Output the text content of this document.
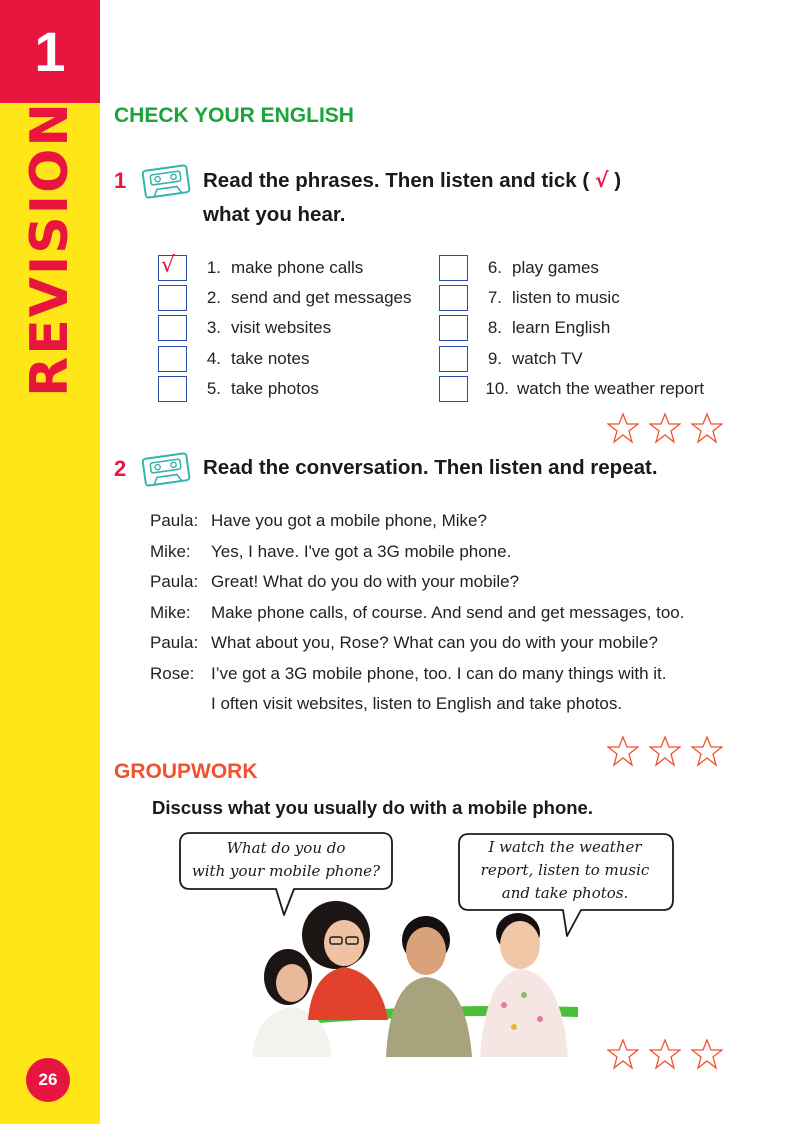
1
REVISION
26
CHECK YOUR ENGLISH
1	Read the phrases. Then listen and tick ( √ )
what you hear.
√	1. make phone calls
2. send and get messages
3. visit websites
4. take notes
5. take photos
6. play games
7. listen to music
8. learn English
9. watch TV
10. watch the weather report
2	Read the conversation. Then listen and repeat.
Paula: Have you got a mobile phone, Mike?
Mike: Yes, I have. I've got a 3G mobile phone.
Paula: Great! What do you do with your mobile?
Mike: Make phone calls, of course. And send and get messages, too.
Paula: What about you, Rose? What can you do with your mobile?
Rose: I’ve got a 3G mobile phone, too. I can do many things with it.
I often visit websites, listen to English and take photos.
GROUPWORK
Discuss what you usually do with a mobile phone.
What do you do
with your mobile phone?
I watch the weather
report, listen to music
and take photos.
